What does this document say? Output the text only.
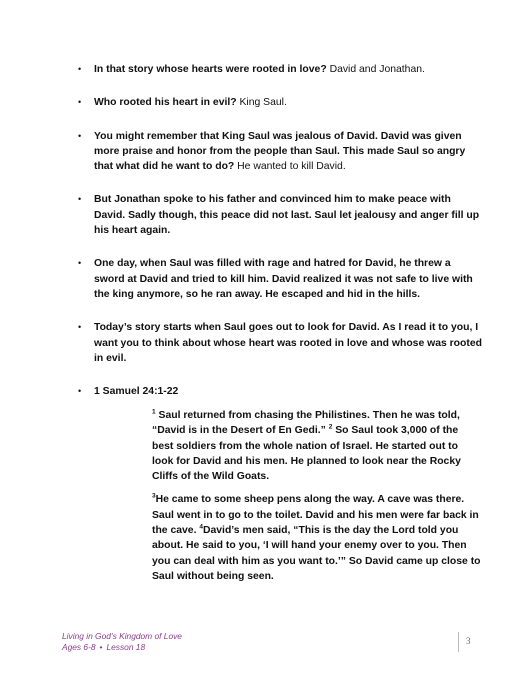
• In that story whose hearts were rooted in love? David and Jonathan.
• Who rooted his heart in evil? King Saul.
• You might remember that King Saul was jealous of David. David was given more praise and honor from the people than Saul. This made Saul so angry that what did he want to do? He wanted to kill David.
• But Jonathan spoke to his father and convinced him to make peace with David. Sadly though, this peace did not last. Saul let jealousy and anger fill up his heart again.
• One day, when Saul was filled with rage and hatred for David, he threw a sword at David and tried to kill him. David realized it was not safe to live with the king anymore, so he ran away. He escaped and hid in the hills.
• Today’s story starts when Saul goes out to look for David. As I read it to you, I want you to think about whose heart was rooted in love and whose was rooted in evil.
• 1 Samuel 24:1-22

$^1$ Saul returned from chasing the Philistines. Then he was told, “David is in the Desert of En Gedi.” $^2$ So Saul took 3,000 of the best soldiers from the whole nation of Israel. He started out to look for David and his men. He planned to look near the Rocky Cliffs of the Wild Goats.

$^3$He came to some sheep pens along the way. A cave was there. Saul went in to go to the toilet. David and his men were far back in the cave. $^4$David’s men said, “This is the day the Lord told you about. He said to you, ‘I will hand your enemy over to you. Then you can deal with him as you want to.’” So David came up close to Saul without being seen.

Living in God’s Kingdom of Love
Ages 6-8 • Lesson 18
3
